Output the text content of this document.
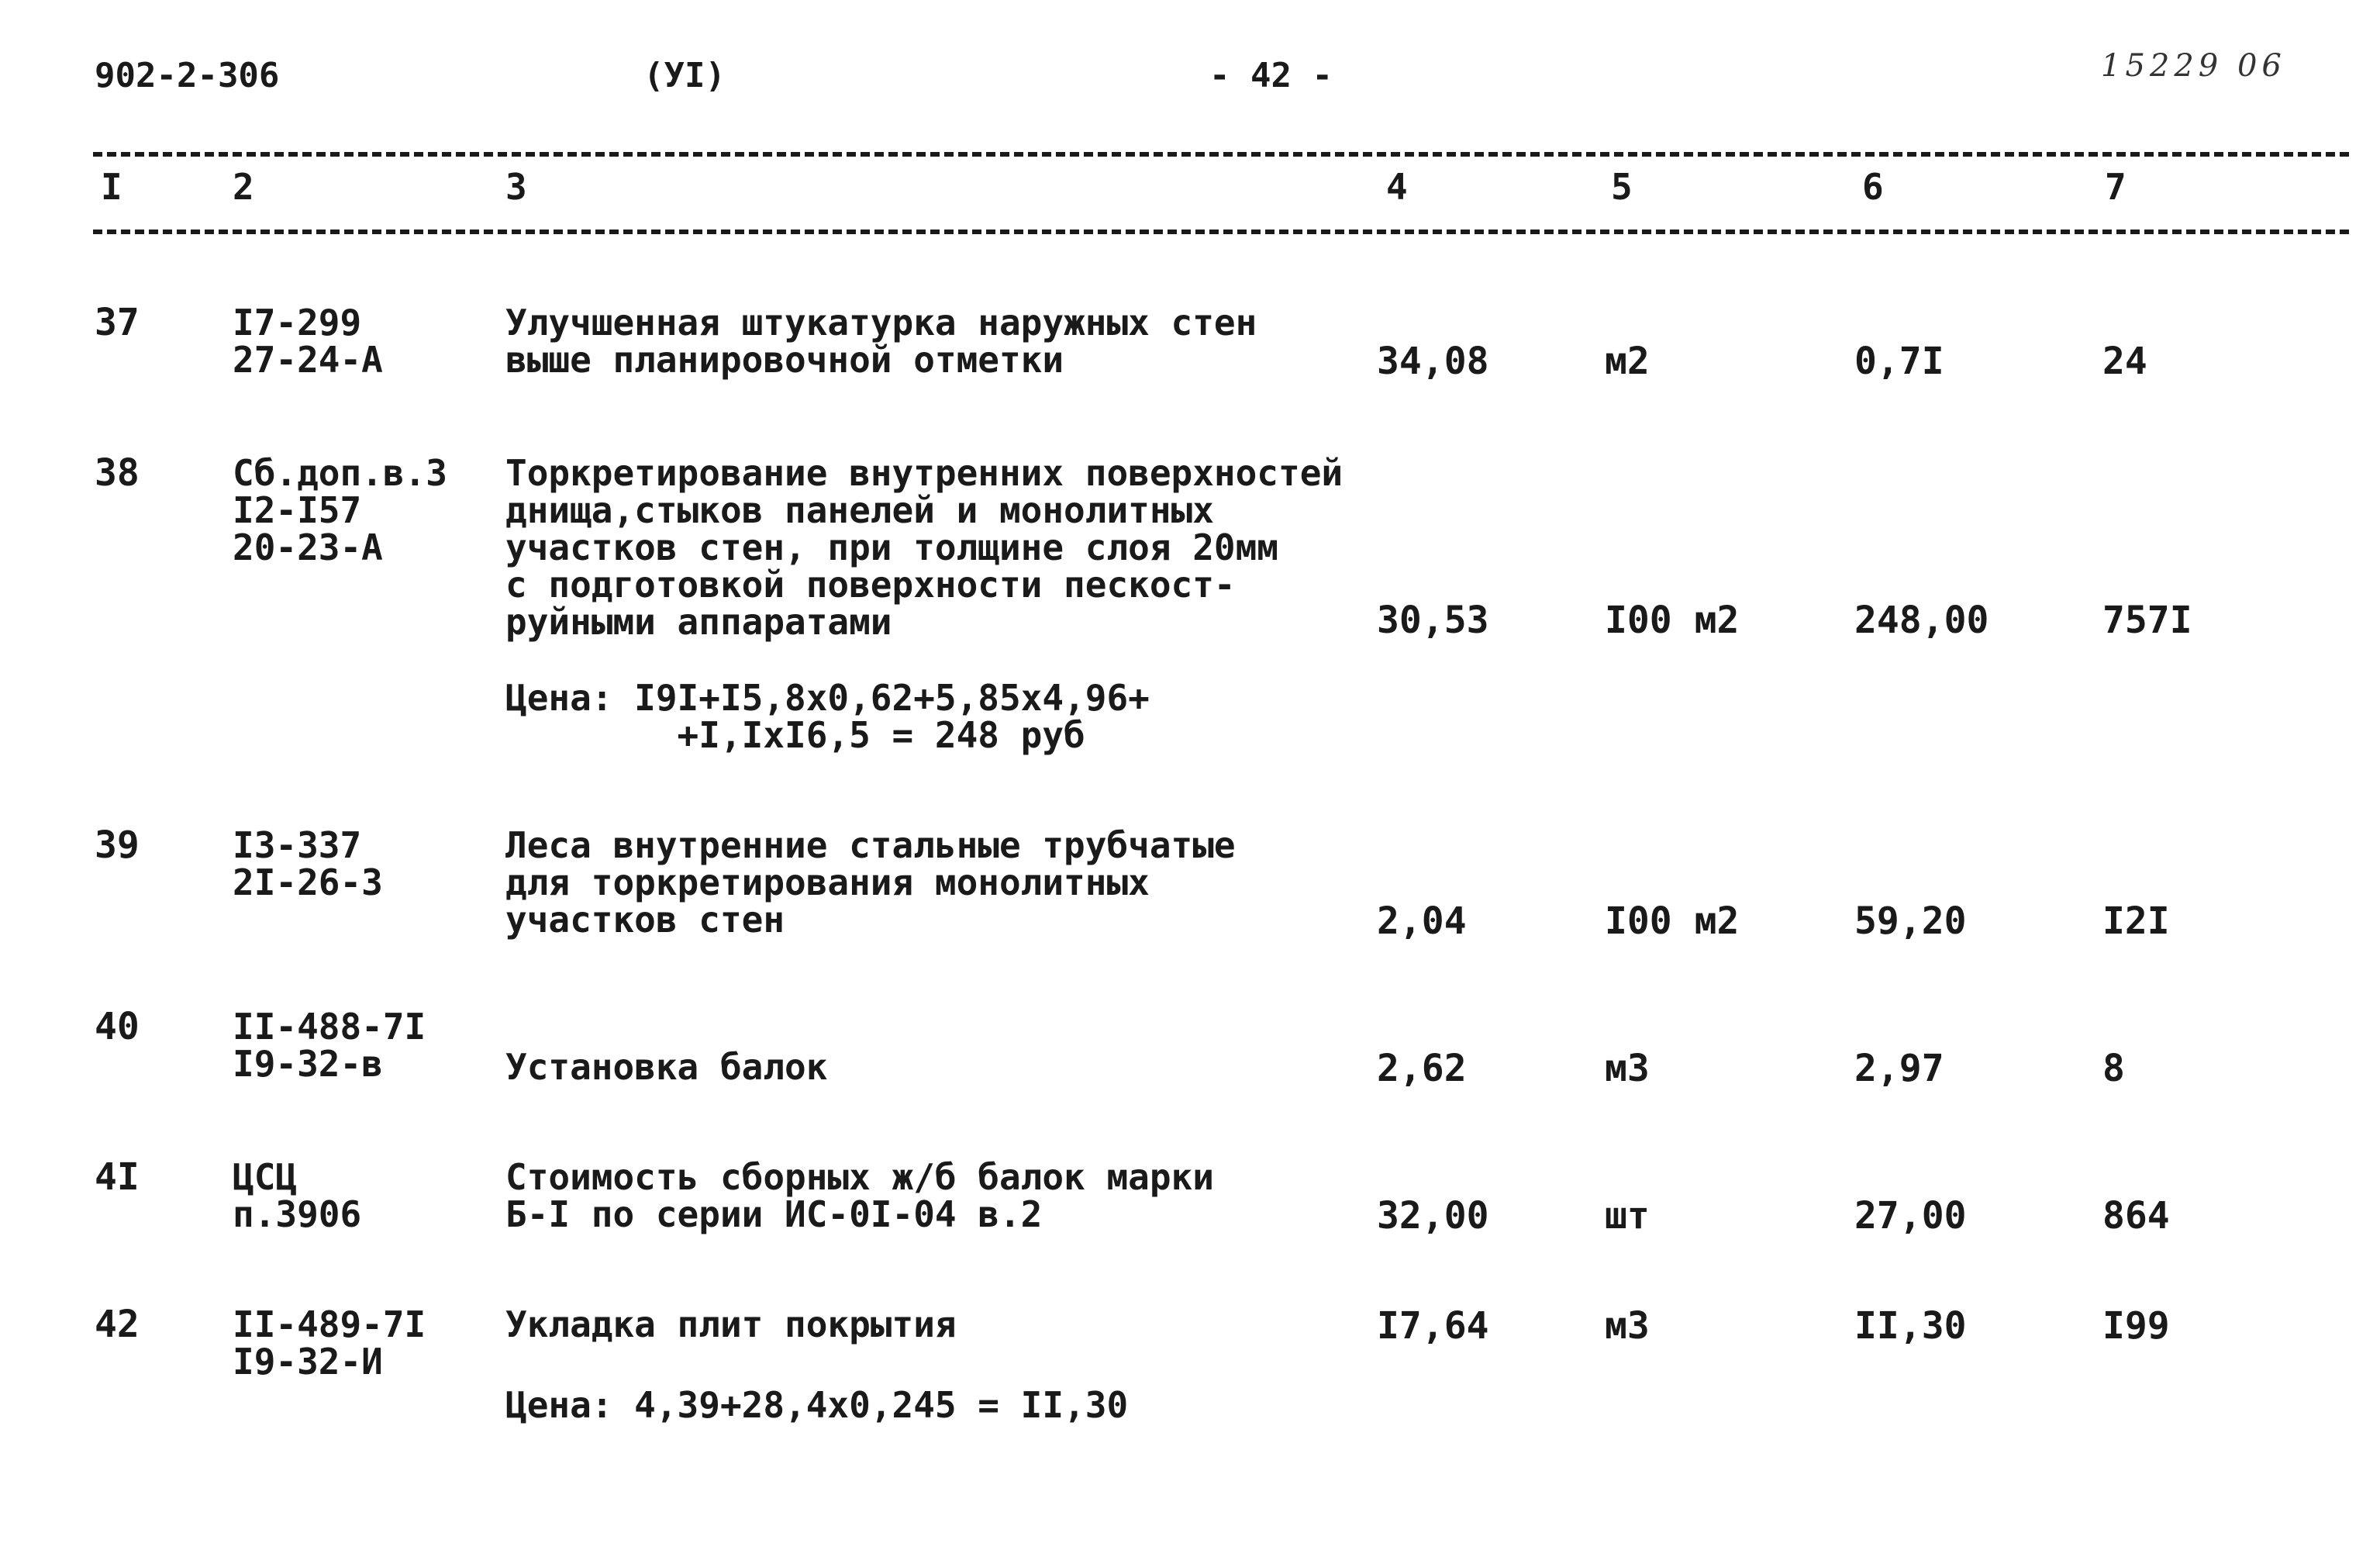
902-2-306	(УI)	- 42 -	15229 06
I	2	3	4	5	6	7
37	I7-299
27-24-А
Улучшенная штукатурка наружных стен
выше планировочной отметки	34,08	м2	0,7I	24
38	Сб.доп.в.3
I2-I57
20-23-А
Торкретирование внутренних поверхностей
днища,стыков панелей и монолитных
участков стен, при толщине слоя 20мм
с подготовкой поверхности пескост-
руйными аппаратами	30,53	I00 м2	248,00	757I
Цена: I9I+I5,8х0,62+5,85х4,96+
+I,IхI6,5 = 248 руб
39	I3-337
2I-26-3
Леса внутренние стальные трубчатые
для торкретирования монолитных
участков стен	2,04	I00 м2	59,20	I2I
40	II-488-7I
I9-32-в	Установка балок	2,62	м3	2,97	8
4I	ЦСЦ
п.3906
Стоимость сборных ж/б балок марки
Б-I по серии ИС-0I-04 в.2	32,00	шт	27,00	864
42	II-489-7I
I9-32-И
Укладка плит покрытия	I7,64	м3	II,30	I99
Цена: 4,39+28,4х0,245 = II,30
